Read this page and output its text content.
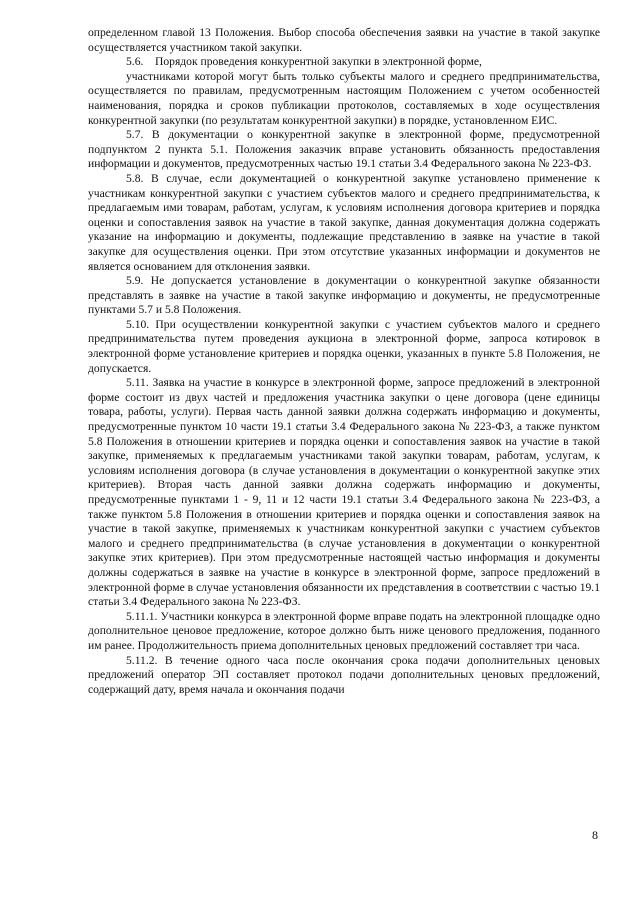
определенном главой 13 Положения. Выбор способа обеспечения заявки на участие в такой закупке осуществляется участником такой закупки.

5.6. Порядок проведения конкурентной закупки в электронной форме,

участниками которой могут быть только субъекты малого и среднего предпринимательства, осуществляется по правилам, предусмотренным настоящим Положением с учетом особенностей наименования, порядка и сроков публикации протоколов, составляемых в ходе осуществления конкурентной закупки (по результатам конкурентной закупки) в порядке, установленном ЕИС.

5.7. В документации о конкурентной закупке в электронной форме, предусмотренной подпунктом 2 пункта 5.1. Положения заказчик вправе установить обязанность предоставления информации и документов, предусмотренных частью 19.1 статьи 3.4 Федерального закона № 223-ФЗ.

5.8. В случае, если документацией о конкурентной закупке установлено применение к участникам конкурентной закупки с участием субъектов малого и среднего предпринимательства, к предлагаемым ими товарам, работам, услугам, к условиям исполнения договора критериев и порядка оценки и сопоставления заявок на участие в такой закупке, данная документация должна содержать указание на информацию и документы, подлежащие представлению в заявке на участие в такой закупке для осуществления оценки. При этом отсутствие указанных информации и документов не является основанием для отклонения заявки.

5.9. Не допускается установление в документации о конкурентной закупке обязанности представлять в заявке на участие в такой закупке информацию и документы, не предусмотренные пунктами 5.7 и 5.8 Положения.

5.10. При осуществлении конкурентной закупки с участием субъектов малого и среднего предпринимательства путем проведения аукциона в электронной форме, запроса котировок в электронной форме установление критериев и порядка оценки, указанных в пункте 5.8 Положения, не допускается.

5.11. Заявка на участие в конкурсе в электронной форме, запросе предложений в электронной форме состоит из двух частей и предложения участника закупки о цене договора (цене единицы товара, работы, услуги). Первая часть данной заявки должна содержать информацию и документы, предусмотренные пунктом 10 части 19.1 статьи 3.4 Федерального закона № 223-ФЗ, а также пунктом 5.8 Положения в отношении критериев и порядка оценки и сопоставления заявок на участие в такой закупке, применяемых к предлагаемым участниками такой закупки товарам, работам, услугам, к условиям исполнения договора (в случае установления в документации о конкурентной закупке этих критериев). Вторая часть данной заявки должна содержать информацию и документы, предусмотренные пунктами 1 - 9, 11 и 12 части 19.1 статьи 3.4 Федерального закона № 223-ФЗ, а также пунктом 5.8 Положения в отношении критериев и порядка оценки и сопоставления заявок на участие в такой закупке, применяемых к участникам конкурентной закупки с участием субъектов малого и среднего предпринимательства (в случае установления в документации о конкурентной закупке этих критериев). При этом предусмотренные настоящей частью информация и документы должны содержаться в заявке на участие в конкурсе в электронной форме, запросе предложений в электронной форме в случае установления обязанности их представления в соответствии с частью 19.1 статьи 3.4 Федерального закона № 223-ФЗ.

5.11.1. Участники конкурса в электронной форме вправе подать на электронной площадке одно дополнительное ценовое предложение, которое должно быть ниже ценового предложения, поданного им ранее. Продолжительность приема дополнительных ценовых предложений составляет три часа.

5.11.2. В течение одного часа после окончания срока подачи дополнительных ценовых предложений оператор ЭП составляет протокол подачи дополнительных ценовых предложений, содержащий дату, время начала и окончания подачи

8
